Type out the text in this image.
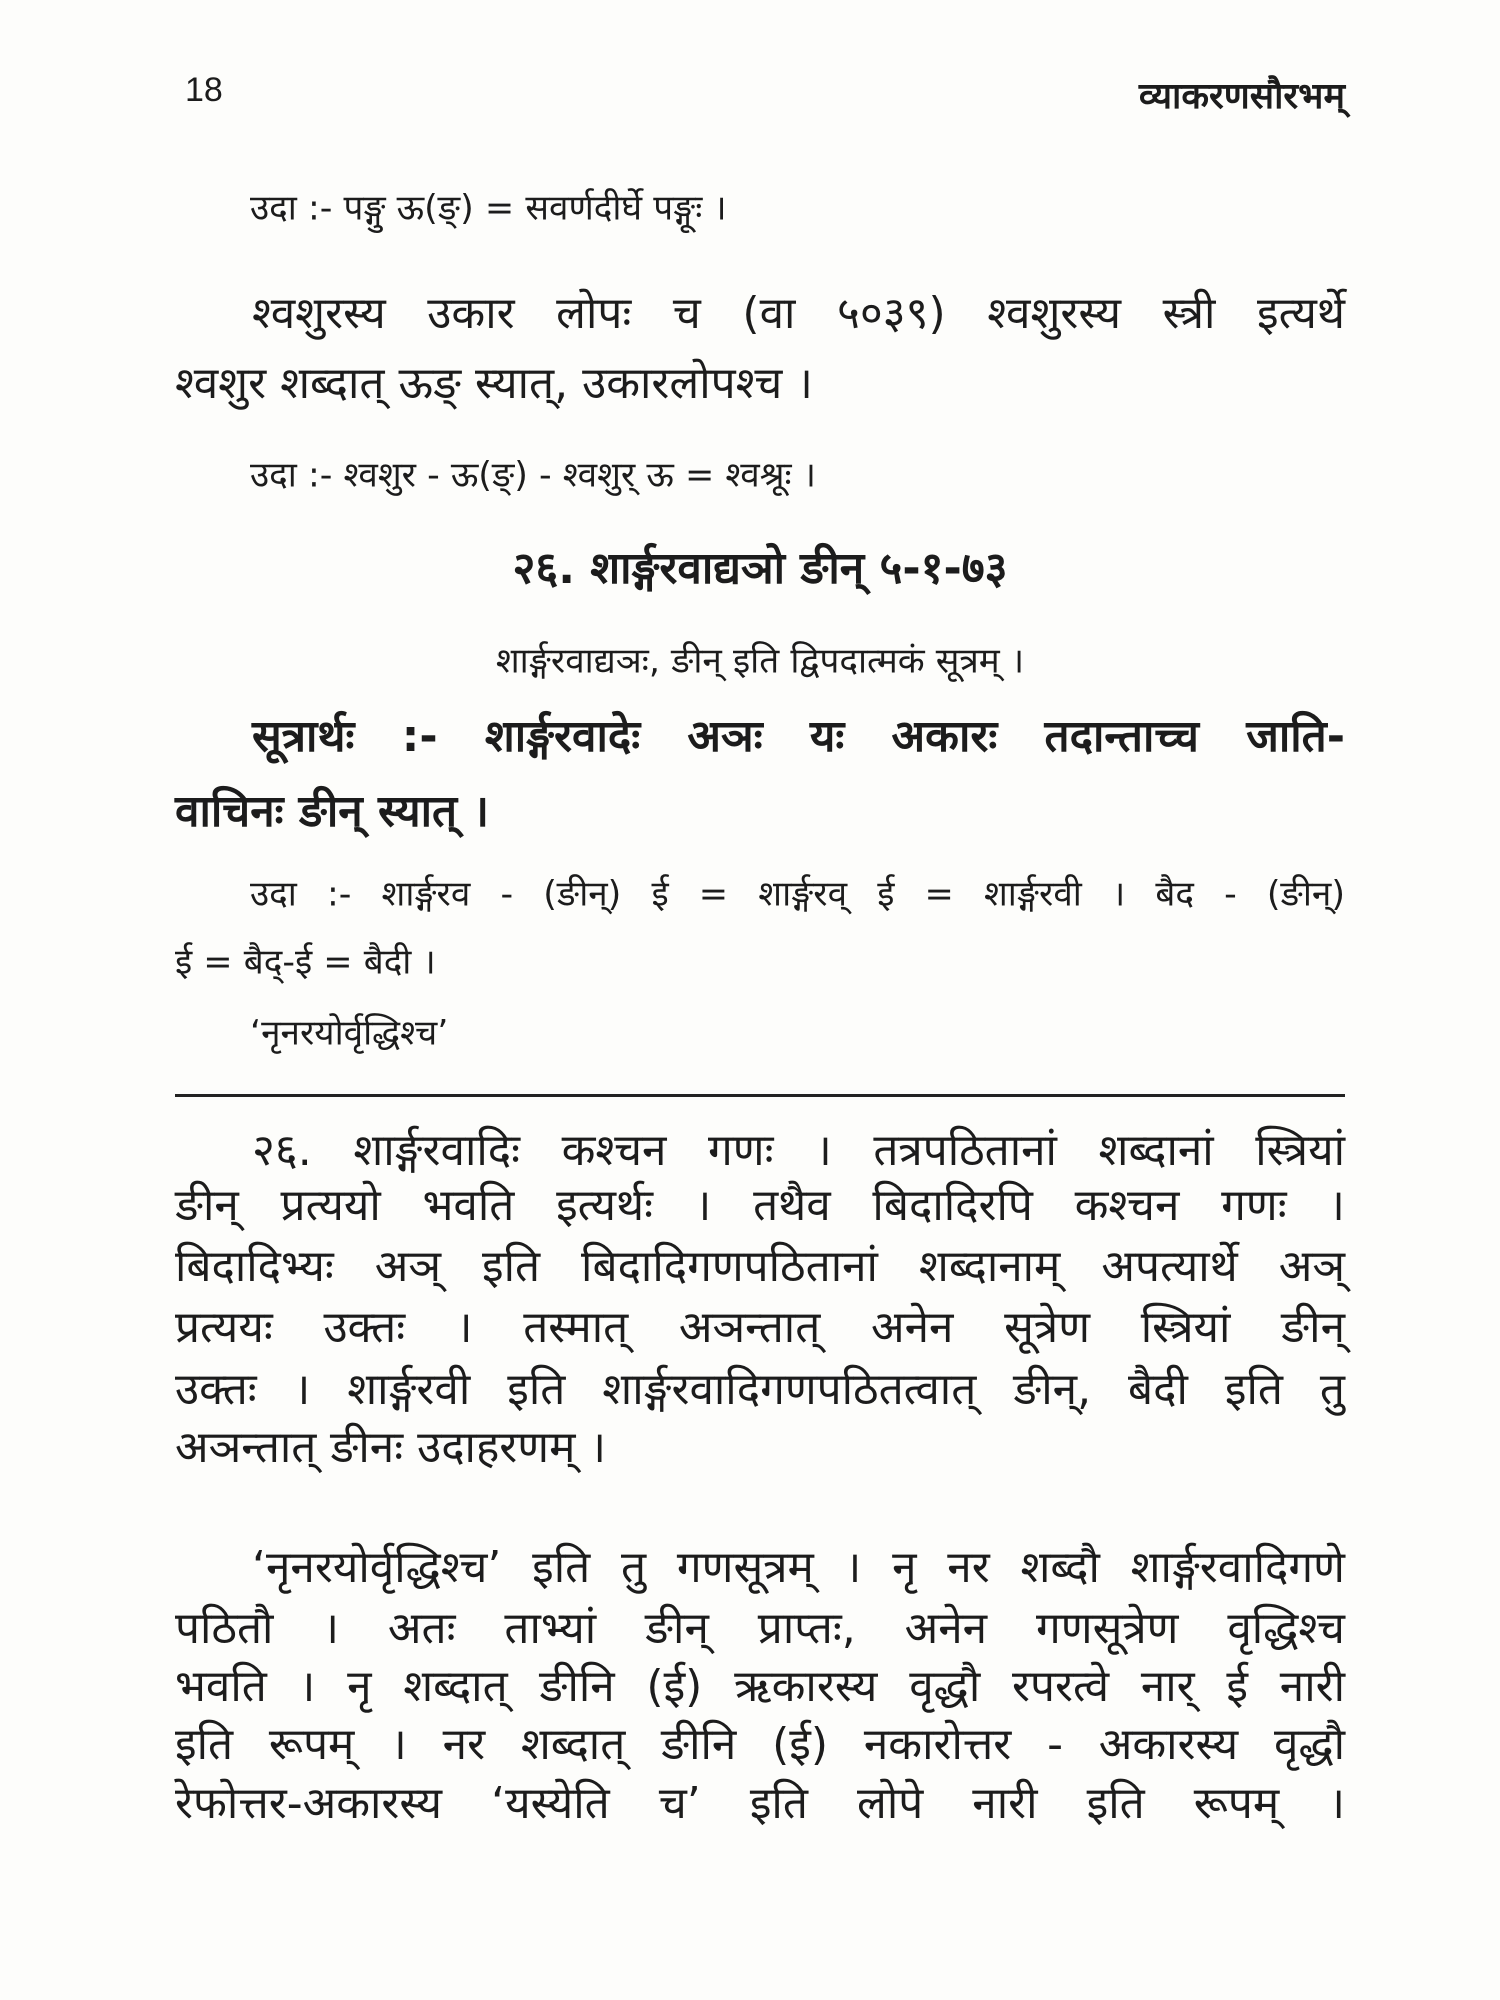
18	व्याकरणसौरभम्
उदा :- पङ्गु ऊ(ङ्) = सवर्णदीर्घे पङ्गूः ।
श्वशुरस्य उकार लोपः च (वा ५०३९) श्वशुरस्य स्त्री इत्यर्थे
श्वशुर शब्दात् ऊङ् स्यात्, उकारलोपश्च ।
उदा :- श्वशुर - ऊ(ङ्) - श्वशुर् ऊ = श्वश्रूः ।
२६. शार्ङ्गरवाद्यञो ङीन् ५-१-७३
शार्ङ्गरवाद्यञः, ङीन् इति द्विपदात्मकं सूत्रम् ।
सूत्रार्थः :- शार्ङ्गरवादेः अञः यः अकारः तदान्ताच्च जाति-
वाचिनः ङीन् स्यात् ।
उदा :- शार्ङ्गरव - (ङीन्) ई = शार्ङ्गरव् ई = शार्ङ्गरवी । बैद - (ङीन्)
ई = बैद्-ई = बैदी ।
‘नृनरयोर्वृद्धिश्च’
२६. शार्ङ्गरवादिः कश्चन गणः । तत्रपठितानां शब्दानां स्त्रियां
ङीन् प्रत्ययो भवति इत्यर्थः । तथैव बिदादिरपि कश्चन गणः ।
बिदादिभ्यः अञ् इति बिदादिगणपठितानां शब्दानाम् अपत्यार्थे अञ्
प्रत्ययः उक्तः । तस्मात् अञन्तात् अनेन सूत्रेण स्त्रियां ङीन्
उक्तः । शार्ङ्गरवी इति शार्ङ्गरवादिगणपठितत्वात् ङीन्, बैदी इति तु
अञन्तात् ङीनः उदाहरणम् ।
‘नृनरयोर्वृद्धिश्च’ इति तु गणसूत्रम् । नृ नर शब्दौ शार्ङ्गरवादिगणे
पठितौ । अतः ताभ्यां ङीन् प्राप्तः, अनेन गणसूत्रेण वृद्धिश्च
भवति । नृ शब्दात् ङीनि (ई) ऋकारस्य वृद्धौ रपरत्वे नार् ई नारी
इति रूपम् । नर शब्दात् ङीनि (ई) नकारोत्तर - अकारस्य वृद्धौ
रेफोत्तर-अकारस्य ‘यस्येति च’ इति लोपे नारी इति रूपम् ।
